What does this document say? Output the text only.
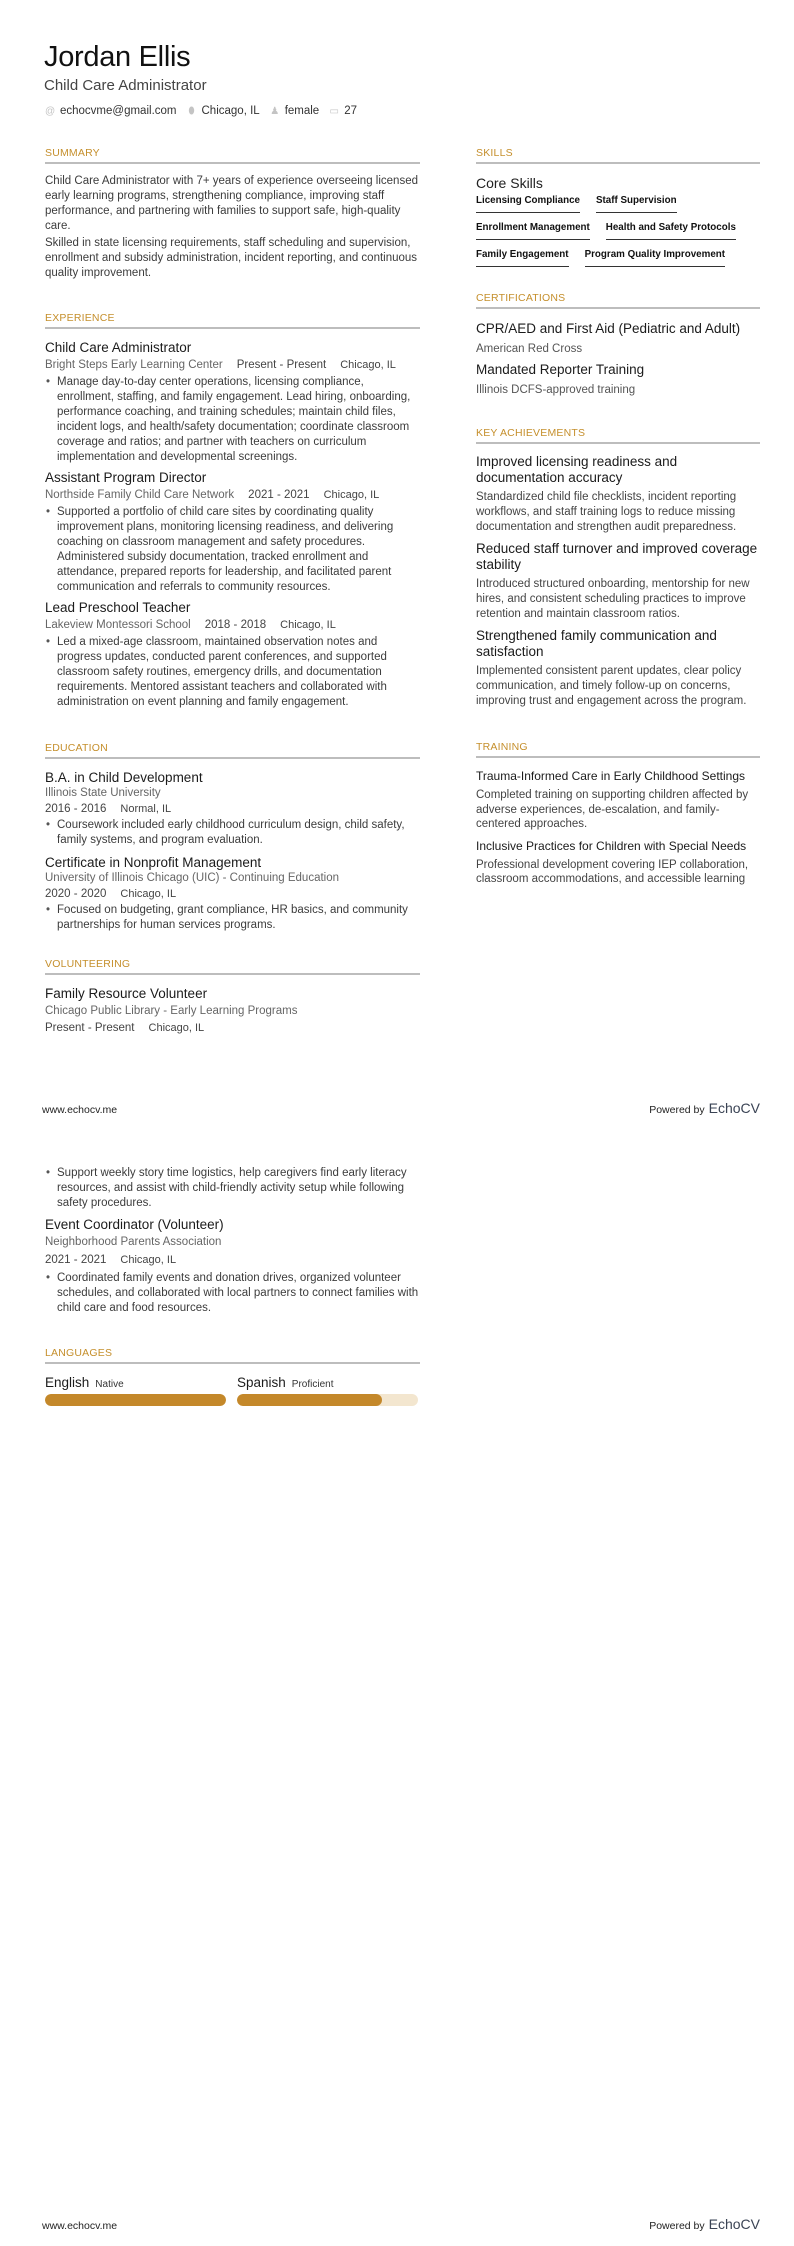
Jordan Ellis
Child Care Administrator
@ echocvme@gmail.com ⬮ Chicago, IL ♟ female ▭ 27
SUMMARY
Child Care Administrator with 7+ years of experience overseeing licensed early learning programs, strengthening compliance, improving staff performance, and partnering with families to support safe, high-quality care.
Skilled in state licensing requirements, staff scheduling and supervision, enrollment and subsidy administration, incident reporting, and continuous quality improvement.
EXPERIENCE
Child Care Administrator
Bright Steps Early Learning Center Present - Present Chicago, IL
• Manage day-to-day center operations, licensing compliance, enrollment, staffing, and family engagement. Lead hiring, onboarding, performance coaching, and training schedules; maintain child files, incident logs, and health/safety documentation; coordinate classroom coverage and ratios; and partner with teachers on curriculum implementation and developmental screenings.
Assistant Program Director
Northside Family Child Care Network 2021 - 2021 Chicago, IL
• Supported a portfolio of child care sites by coordinating quality improvement plans, monitoring licensing readiness, and delivering coaching on classroom management and safety procedures. Administered subsidy documentation, tracked enrollment and attendance, prepared reports for leadership, and facilitated parent communication and referrals to community resources.
Lead Preschool Teacher
Lakeview Montessori School 2018 - 2018 Chicago, IL
• Led a mixed-age classroom, maintained observation notes and progress updates, conducted parent conferences, and supported classroom safety routines, emergency drills, and documentation requirements. Mentored assistant teachers and collaborated with administration on event planning and family engagement.
EDUCATION
B.A. in Child Development
Illinois State University
2016 - 2016 Normal, IL
• Coursework included early childhood curriculum design, child safety, family systems, and program evaluation.
Certificate in Nonprofit Management
University of Illinois Chicago (UIC) - Continuing Education
2020 - 2020 Chicago, IL
• Focused on budgeting, grant compliance, HR basics, and community partnerships for human services programs.
VOLUNTEERING
Family Resource Volunteer
Chicago Public Library - Early Learning Programs
Present - Present Chicago, IL
• Support weekly story time logistics, help caregivers find early literacy resources, and assist with child-friendly activity setup while following safety procedures.
Event Coordinator (Volunteer)
Neighborhood Parents Association
2021 - 2021 Chicago, IL
• Coordinated family events and donation drives, organized volunteer schedules, and collaborated with local partners to connect families with child care and food resources.
LANGUAGES
English Native	Spanish Proficient
SKILLS
Core Skills
Licensing Compliance Staff Supervision
Enrollment Management Health and Safety Protocols
Family Engagement Program Quality Improvement
CERTIFICATIONS
CPR/AED and First Aid (Pediatric and Adult)
American Red Cross
Mandated Reporter Training
Illinois DCFS-approved training
KEY ACHIEVEMENTS
Improved licensing readiness and documentation accuracy
Standardized child file checklists, incident reporting workflows, and staff training logs to reduce missing documentation and strengthen audit preparedness.
Reduced staff turnover and improved coverage stability
Introduced structured onboarding, mentorship for new hires, and consistent scheduling practices to improve retention and maintain classroom ratios.
Strengthened family communication and satisfaction
Implemented consistent parent updates, clear policy communication, and timely follow-up on concerns, improving trust and engagement across the program.
TRAINING
Trauma-Informed Care in Early Childhood Settings
Completed training on supporting children affected by adverse experiences, de-escalation, and family-centered approaches.
Inclusive Practices for Children with Special Needs
Professional development covering IEP collaboration, classroom accommodations, and accessible learning
www.echocv.me	Powered by EchoCV
www.echocv.me	Powered by EchoCV
